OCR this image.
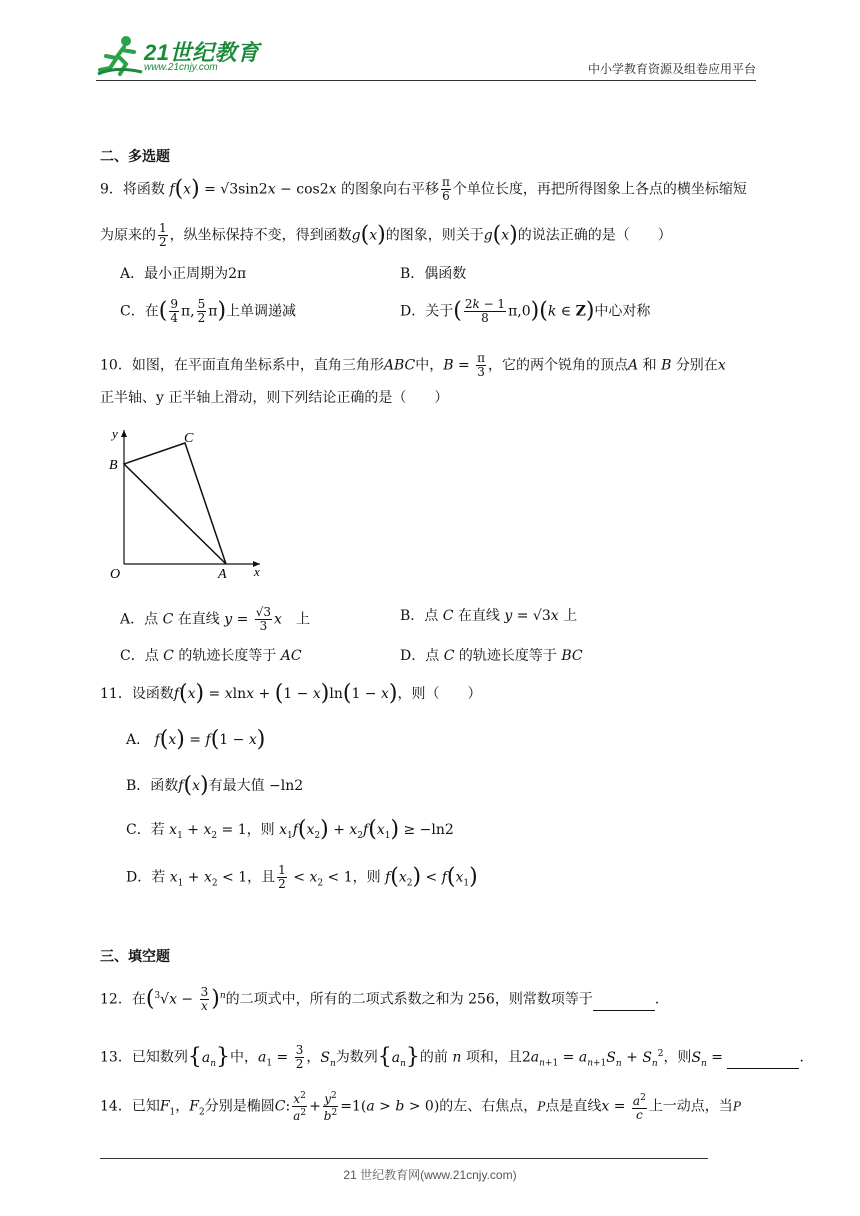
21世纪教育
www.21cnjy.com	中小学教育资源及组卷应用平台
二、多选题
9．将函数 f(x) = √3sin2x − cos2x 的图象向右平移 $\frac{\pi}{6}$ 个单位长度，再把所得图象上各点的横坐标缩短
为原来的 $\frac{1}{2}$ ，纵坐标保持不变，得到函数g(x)的图象，则关于g(x)的说法正确的是（　　）
A．最小正周期为2π	B．偶函数
C．在( $\frac{9}{4} \pi$, $\frac{5}{2} \pi$)上单调递减	D．关于( $\frac{2k - 1}{8} \pi,0)(k$ ∈ Z)中心对称
10．如图，在平面直角坐标系中，直角三角形ABC中，$B = \frac{\pi}{3}$ ，它的两个锐角的顶点A 和 B 分别在x
正半轴、y 正半轴上滑动，则下列结论正确的是（　　）
y
B
C
O	A x
A．点 C 在直线 $y = \frac{√3}{3}$ x　 上	B．点 C 在直线 y = √3x 上
C．点 C 的轨迹长度等于 AC	D．点 C 的轨迹长度等于 BC
11．设函数f(x) = xlnx + (1 − x)ln(1 − x)，则（　　）
A． f(x) = f(1 − x)
B．函数f(x)有最大值 −ln2
C．若 $x_1 + x_2 = 1$，则 $x_1f(x_2) + x_2f(x_1) \ge -\ln 2$
D．若 $x_1 + x_2 < 1$，且 $\frac{1}{2} < x_2 < 1$，则 $f(x_2) < f(x_1)$
三、填空题
12．在$(^3√x - \frac{3}{x} )^n$的二项式中，所有的二项式系数之和为 256，则常数项等于	．
13．已知数列$\{a_n\}$中，$a_1 = \frac{3}{2}$ ，$S_n$为数列$\{a_n\}$的前 n 项和，且$2a_{n+1} = a_{n+1}S_n + S_n^2$，则$S_n$ =	．
14．已知$F_1$，$F_2$分别是椭圆C: $\frac{x^2}{a^2} + \frac{y^2}{b^2} =1(a > b > 0)$的左、右焦点，P点是直线$x = \frac{a^2}{c}$ 上一动点，当P
21 世纪教育网(www.21cnjy.com)
